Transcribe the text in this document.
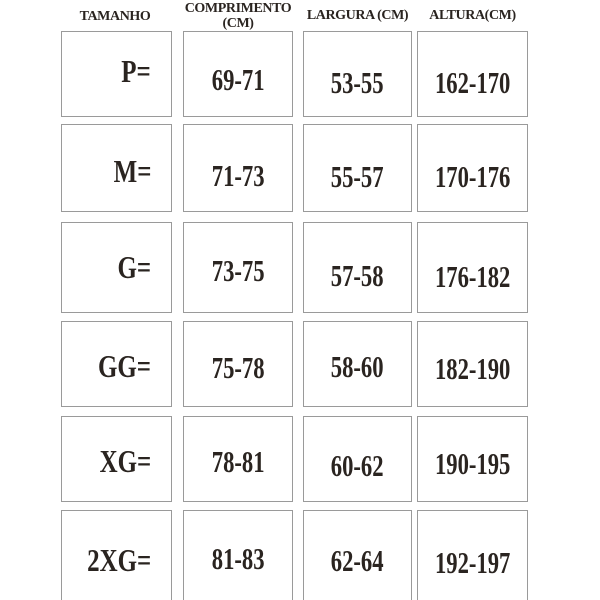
TAMANHO
COMPRIMENTO
(CM)
LARGURA (CM)	ALTURA(CM)
P= 69-71 53-55 162-170
M= 71-73 55-57 170-176
G= 73-75 57-58 176-182
GG= 75-78 58-60 182-190
XG= 78-81 60-62 190-195
2XG= 81-83 62-64 192-197
